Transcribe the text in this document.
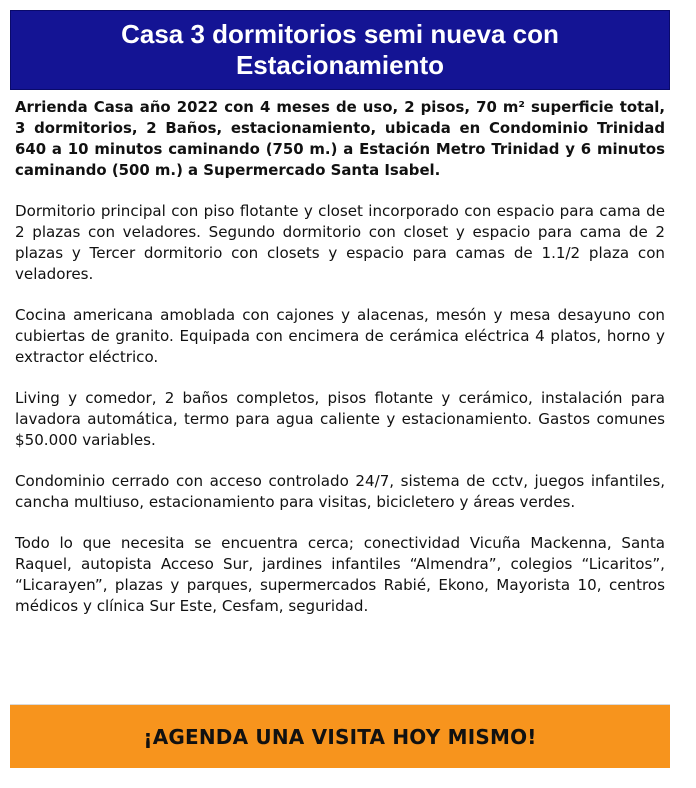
Casa 3 dormitorios semi nueva con Estacionamiento

Arrienda Casa año 2022 con 4 meses de uso, 2 pisos, 70 m² superficie total, 3 dormitorios, 2 Baños, estacionamiento, ubicada en Condominio Trinidad 640 a 10 minutos caminando (750 m.) a Estación Metro Trinidad y 6 minutos caminando (500 m.) a Supermercado Santa Isabel.

Dormitorio principal con piso flotante y closet incorporado con espacio para cama de 2 plazas con veladores. Segundo dormitorio con closet y espacio para cama de 2 plazas y Tercer dormitorio con closets y espacio para camas de 1.1/2 plaza con veladores.

Cocina americana amoblada con cajones y alacenas, mesón y mesa desayuno con cubiertas de granito. Equipada con encimera de cerámica eléctrica 4 platos, horno y extractor eléctrico.

Living y comedor, 2 baños completos, pisos flotante y cerámico, instalación para lavadora automática, termo para agua caliente y estacionamiento. Gastos comunes $50.000 variables.

Condominio cerrado con acceso controlado 24/7, sistema de cctv, juegos infantiles, cancha multiuso, estacionamiento para visitas, bicicletero y áreas verdes.

Todo lo que necesita se encuentra cerca; conectividad Vicuña Mackenna, Santa Raquel, autopista Acceso Sur, jardines infantiles “Almendra”, colegios “Licaritos”, “Licarayen”, plazas y parques, supermercados Rabié, Ekono, Mayorista 10, centros médicos y clínica Sur Este, Cesfam, seguridad.

¡AGENDA UNA VISITA HOY MISMO!
